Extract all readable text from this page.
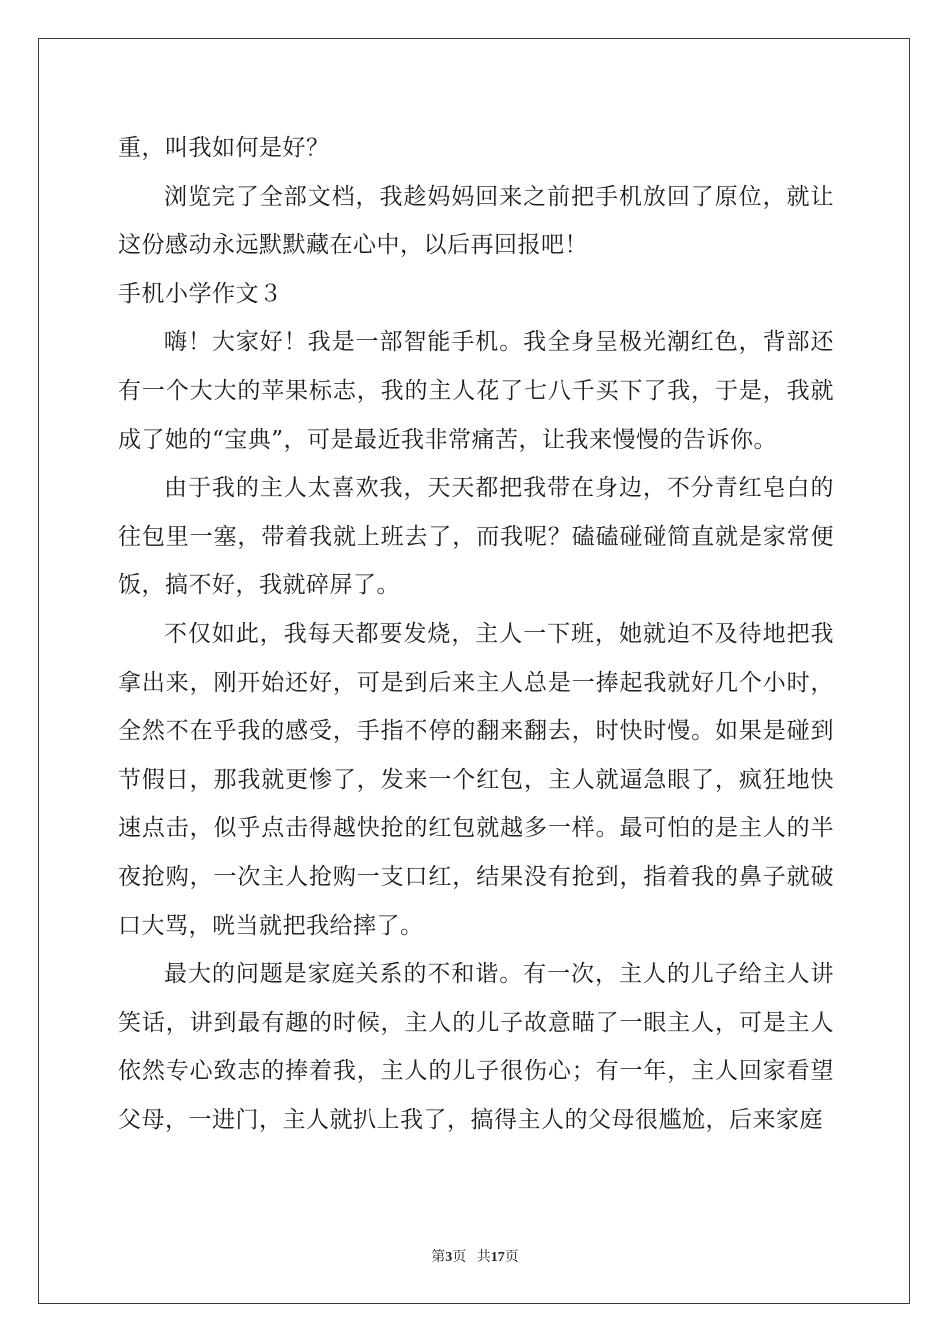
重，叫我如何是好？

浏览完了全部文档，我趁妈妈回来之前把手机放回了原位，就让这份感动永远默默藏在心中，以后再回报吧！

手机小学作文３

嗨！大家好！我是一部智能手机。我全身呈极光潮红色，背部还有一个大大的苹果标志，我的主人花了七八千买下了我，于是，我就成了她的“宝典”，可是最近我非常痛苦，让我来慢慢的告诉你。

由于我的主人太喜欢我，天天都把我带在身边，不分青红皂白的往包里一塞，带着我就上班去了，而我呢？磕磕碰碰简直就是家常便饭，搞不好，我就碎屏了。

不仅如此，我每天都要发烧，主人一下班，她就迫不及待地把我拿出来，刚开始还好，可是到后来主人总是一捧起我就好几个小时，全然不在乎我的感受，手指不停的翻来翻去，时快时慢。如果是碰到节假日，那我就更惨了，发来一个红包，主人就逼急眼了，疯狂地快速点击，似乎点击得越快抢的红包就越多一样。最可怕的是主人的半夜抢购，一次主人抢购一支口红，结果没有抢到，指着我的鼻子就破口大骂，咣当就把我给摔了。

最大的问题是家庭关系的不和谐。有一次，主人的儿子给主人讲笑话，讲到最有趣的时候，主人的儿子故意瞄了一眼主人，可是主人依然专心致志的捧着我，主人的儿子很伤心；有一年，主人回家看望父母，一进门，主人就扒上我了，搞得主人的父母很尴尬，后来家庭

第3页 共17页
